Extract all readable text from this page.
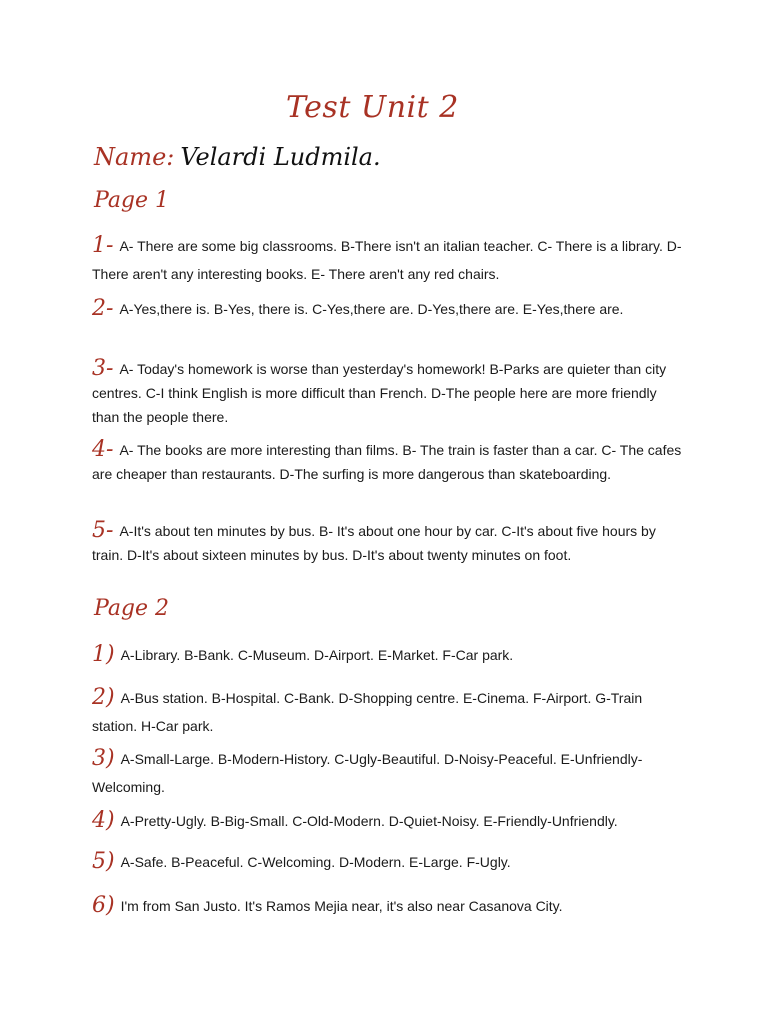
Test Unit 2
Name: Velardi Ludmila.
Page 1
1- A- There are some big classrooms. B-There isn't an italian teacher. C- There is a library. D-There aren't any interesting books. E- There aren't any red chairs.
2- A-Yes,there is. B-Yes, there is. C-Yes,there are. D-Yes,there are. E-Yes,there are.
3- A- Today's homework is worse than yesterday's homework! B-Parks are quieter than city centres. C-I think English is more difficult than French. D-The people here are more friendly than the people there.
4- A- The books are more interesting than films. B- The train is faster than a car. C- The cafes are cheaper than restaurants. D-The surfing is more dangerous than skateboarding.
5- A-It's about ten minutes by bus. B- It's about one hour by car. C-It's about five hours by train. D-It's about sixteen minutes by bus. D-It's about twenty minutes on foot.
Page 2
1) A-Library. B-Bank. C-Museum. D-Airport. E-Market. F-Car park.
2) A-Bus station. B-Hospital. C-Bank. D-Shopping centre. E-Cinema. F-Airport. G-Train station. H-Car park.
3) A-Small-Large. B-Modern-History. C-Ugly-Beautiful. D-Noisy-Peaceful. E-Unfriendly-Welcoming.
4) A-Pretty-Ugly. B-Big-Small. C-Old-Modern. D-Quiet-Noisy. E-Friendly-Unfriendly.
5) A-Safe. B-Peaceful. C-Welcoming. D-Modern. E-Large. F-Ugly.
6) I'm from San Justo. It's Ramos Mejia near, it's also near Casanova City.
